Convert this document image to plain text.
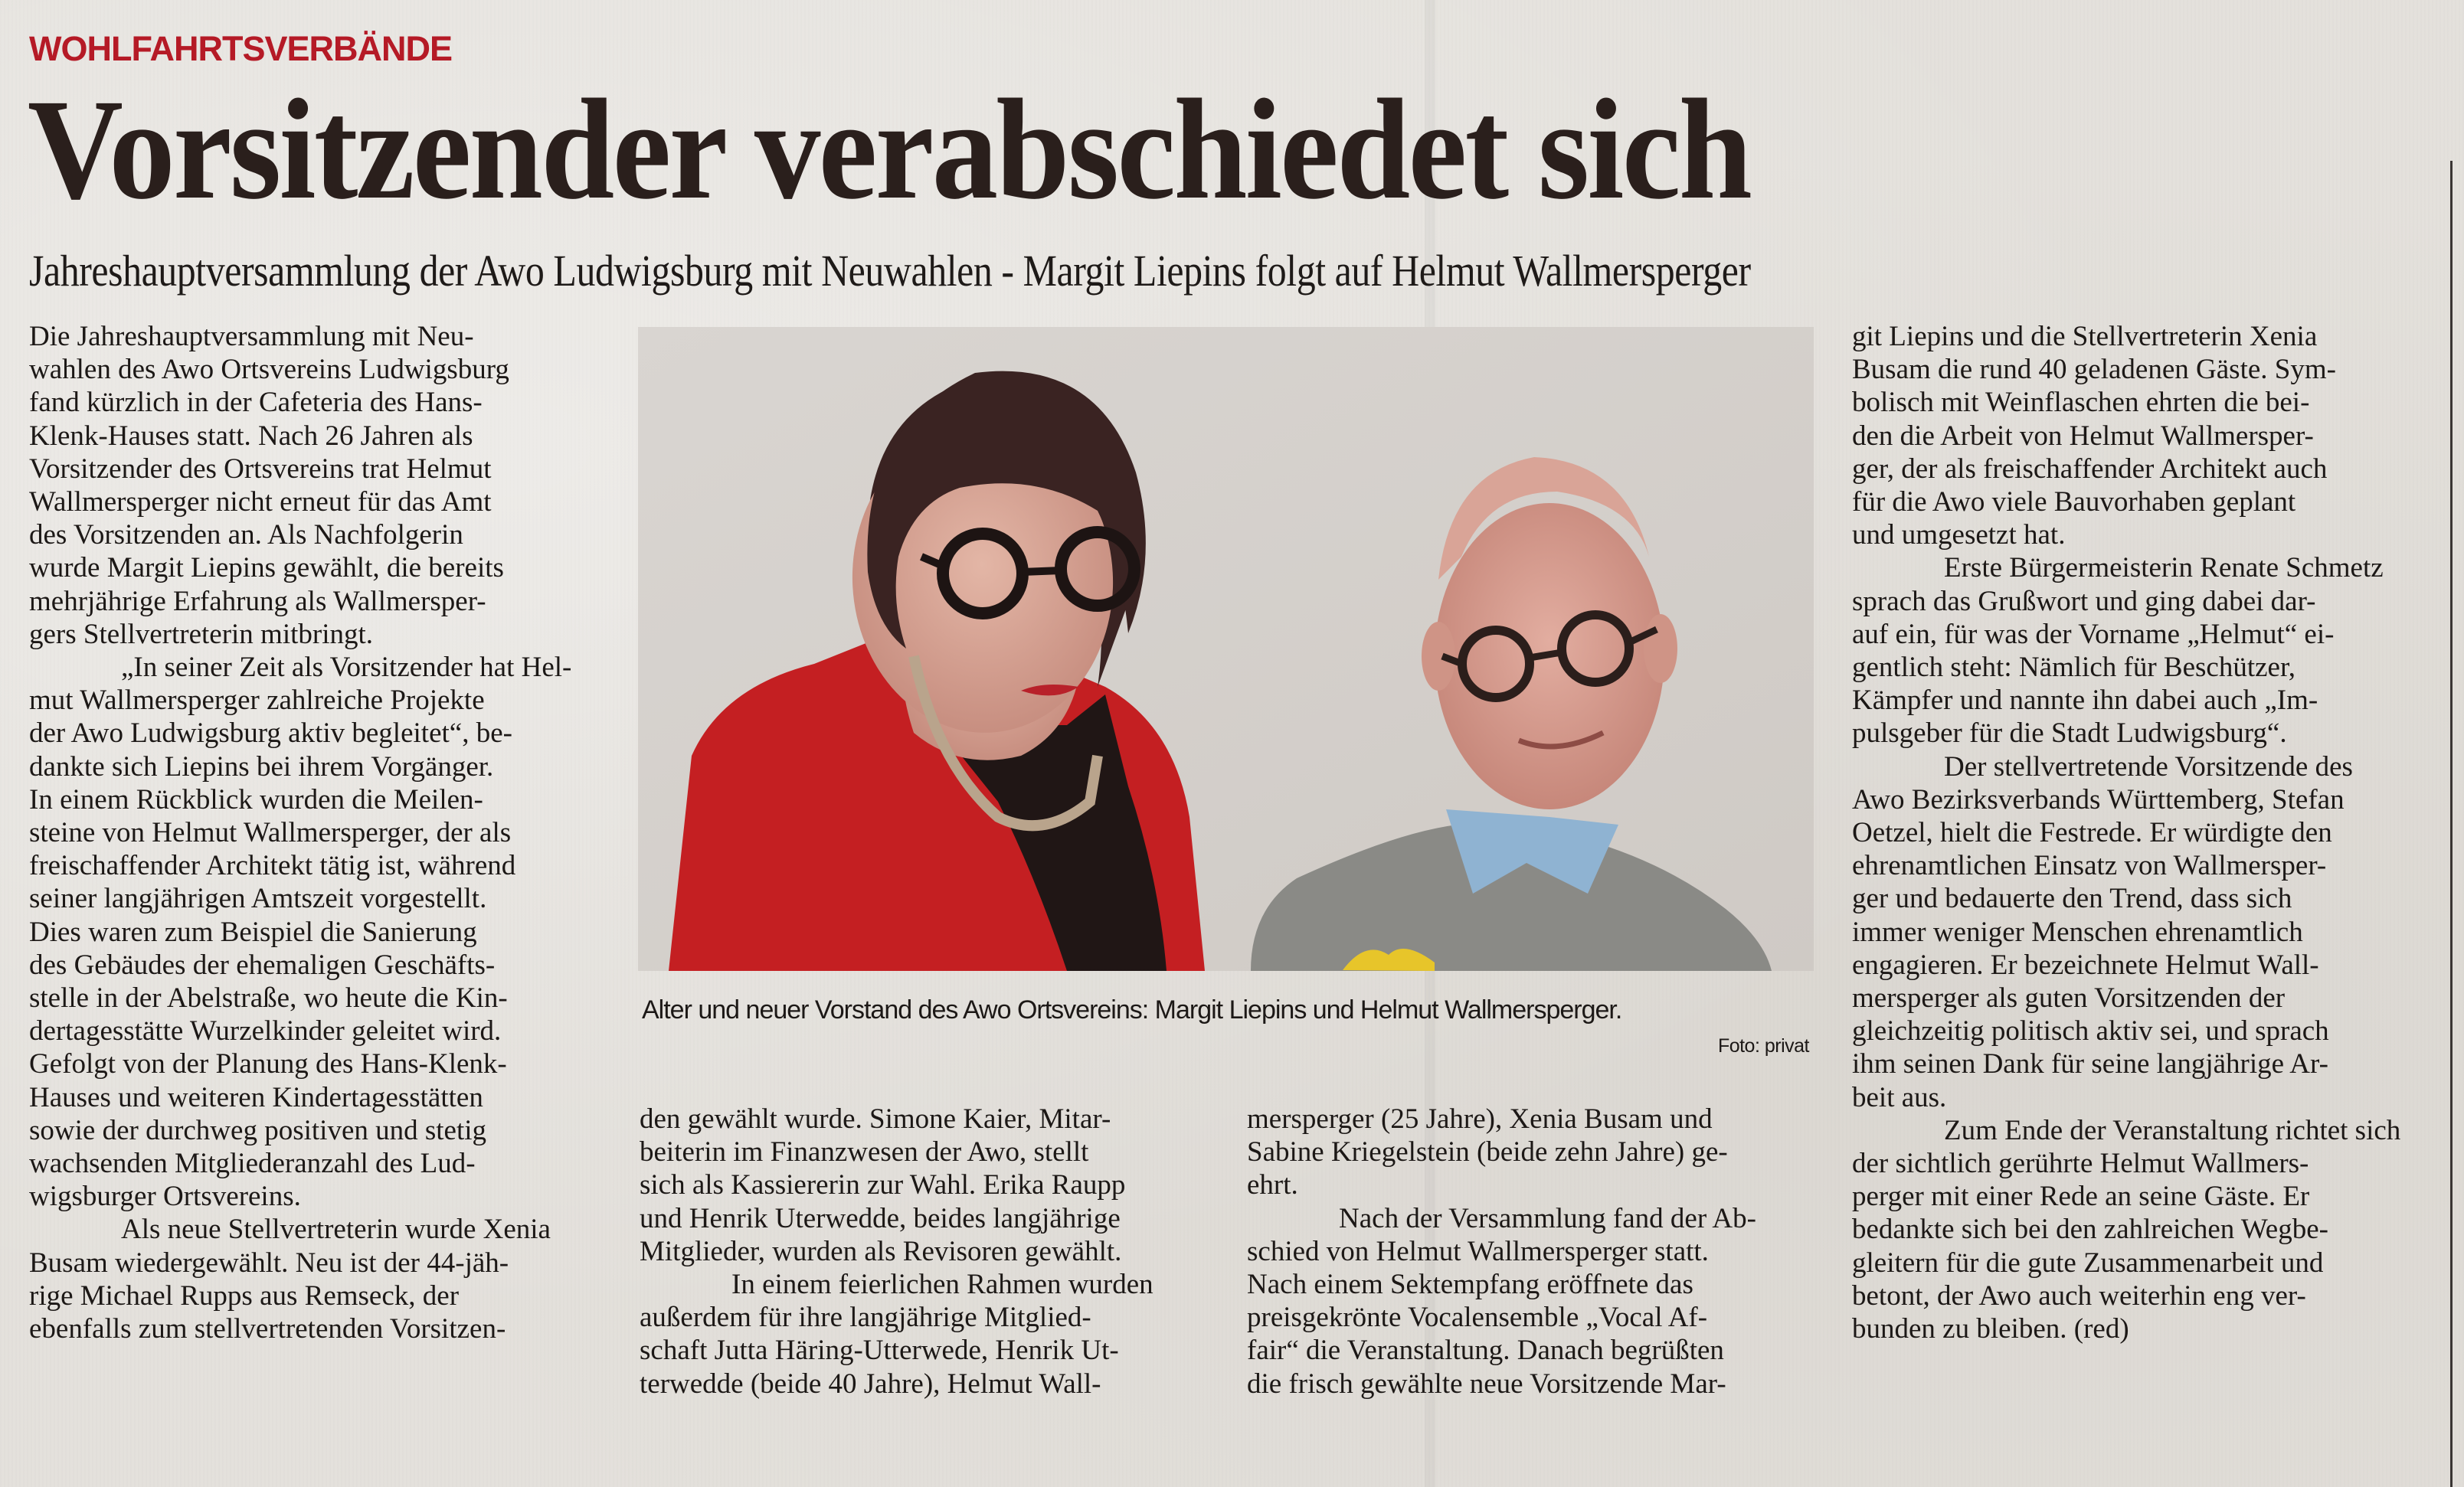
WOHLFAHRTSVERBÄNDE
Vorsitzender verabschiedet sich
Jahreshauptversammlung der Awo Ludwigsburg mit Neuwahlen - Margit Liepins folgt auf Helmut Wallmersperger

Die Jahreshauptversammlung mit Neu-
wahlen des Awo Ortsvereins Ludwigsburg
fand kürzlich in der Cafeteria des Hans-
Klenk-Hauses statt. Nach 26 Jahren als
Vorsitzender des Ortsvereins trat Helmut
Wallmersperger nicht erneut für das Amt
des Vorsitzenden an. Als Nachfolgerin
wurde Margit Liepins gewählt, die bereits
mehrjährige Erfahrung als Wallmersper-
gers Stellvertreterin mitbringt.

„In seiner Zeit als Vorsitzender hat Hel-
mut Wallmersperger zahlreiche Projekte
der Awo Ludwigsburg aktiv begleitet“, be-
dankte sich Liepins bei ihrem Vorgänger.
In einem Rückblick wurden die Meilen-
steine von Helmut Wallmersperger, der als
freischaffender Architekt tätig ist, während
seiner langjährigen Amtszeit vorgestellt.
Dies waren zum Beispiel die Sanierung
des Gebäudes der ehemaligen Geschäfts-
stelle in der Abelstraße, wo heute die Kin-
dertagesstätte Wurzelkinder geleitet wird.
Gefolgt von der Planung des Hans-Klenk-
Hauses und weiteren Kindertagesstätten
sowie der durchweg positiven und stetig
wachsenden Mitgliederanzahl des Lud-
wigsburger Ortsvereins.

Als neue Stellvertreterin wurde Xenia
Busam wiedergewählt. Neu ist der 44-jäh-
rige Michael Rupps aus Remseck, der
ebenfalls zum stellvertretenden Vorsitzen-

Alter und neuer Vorstand des Awo Ortsvereins: Margit Liepins und Helmut Wallmersperger.

Foto: privat

den gewählt wurde. Simone Kaier, Mitar-
beiterin im Finanzwesen der Awo, stellt
sich als Kassiererin zur Wahl. Erika Raupp
und Henrik Uterwedde, beides langjährige
Mitglieder, wurden als Revisoren gewählt.

In einem feierlichen Rahmen wurden
außerdem für ihre langjährige Mitglied-
schaft Jutta Häring-Utterwede, Henrik Ut-
terwedde (beide 40 Jahre), Helmut Wall-

mersperger (25 Jahre), Xenia Busam und
Sabine Kriegelstein (beide zehn Jahre) ge-
ehrt.

Nach der Versammlung fand der Ab-
schied von Helmut Wallmersperger statt.
Nach einem Sektempfang eröffnete das
preisgekrönte Vocalensemble „Vocal Af-
fair“ die Veranstaltung. Danach begrüßten
die frisch gewählte neue Vorsitzende Mar-

git Liepins und die Stellvertreterin Xenia
Busam die rund 40 geladenen Gäste. Sym-
bolisch mit Weinflaschen ehrten die bei-
den die Arbeit von Helmut Wallmersper-
ger, der als freischaffender Architekt auch
für die Awo viele Bauvorhaben geplant
und umgesetzt hat.

Erste Bürgermeisterin Renate Schmetz
sprach das Grußwort und ging dabei dar-
auf ein, für was der Vorname „Helmut“ ei-
gentlich steht: Nämlich für Beschützer,
Kämpfer und nannte ihn dabei auch „Im-
pulsgeber für die Stadt Ludwigsburg“.

Der stellvertretende Vorsitzende des
Awo Bezirksverbands Württemberg, Stefan
Oetzel, hielt die Festrede. Er würdigte den
ehrenamtlichen Einsatz von Wallmersper-
ger und bedauerte den Trend, dass sich
immer weniger Menschen ehrenamtlich
engagieren. Er bezeichnete Helmut Wall-
mersperger als guten Vorsitzenden der
gleichzeitig politisch aktiv sei, und sprach
ihm seinen Dank für seine langjährige Ar-
beit aus.

Zum Ende der Veranstaltung richtet sich
der sichtlich gerührte Helmut Wallmers-
perger mit einer Rede an seine Gäste. Er
bedankte sich bei den zahlreichen Wegbe-
gleitern für die gute Zusammenarbeit und
betont, der Awo auch weiterhin eng ver-
bunden zu bleiben. (red)
